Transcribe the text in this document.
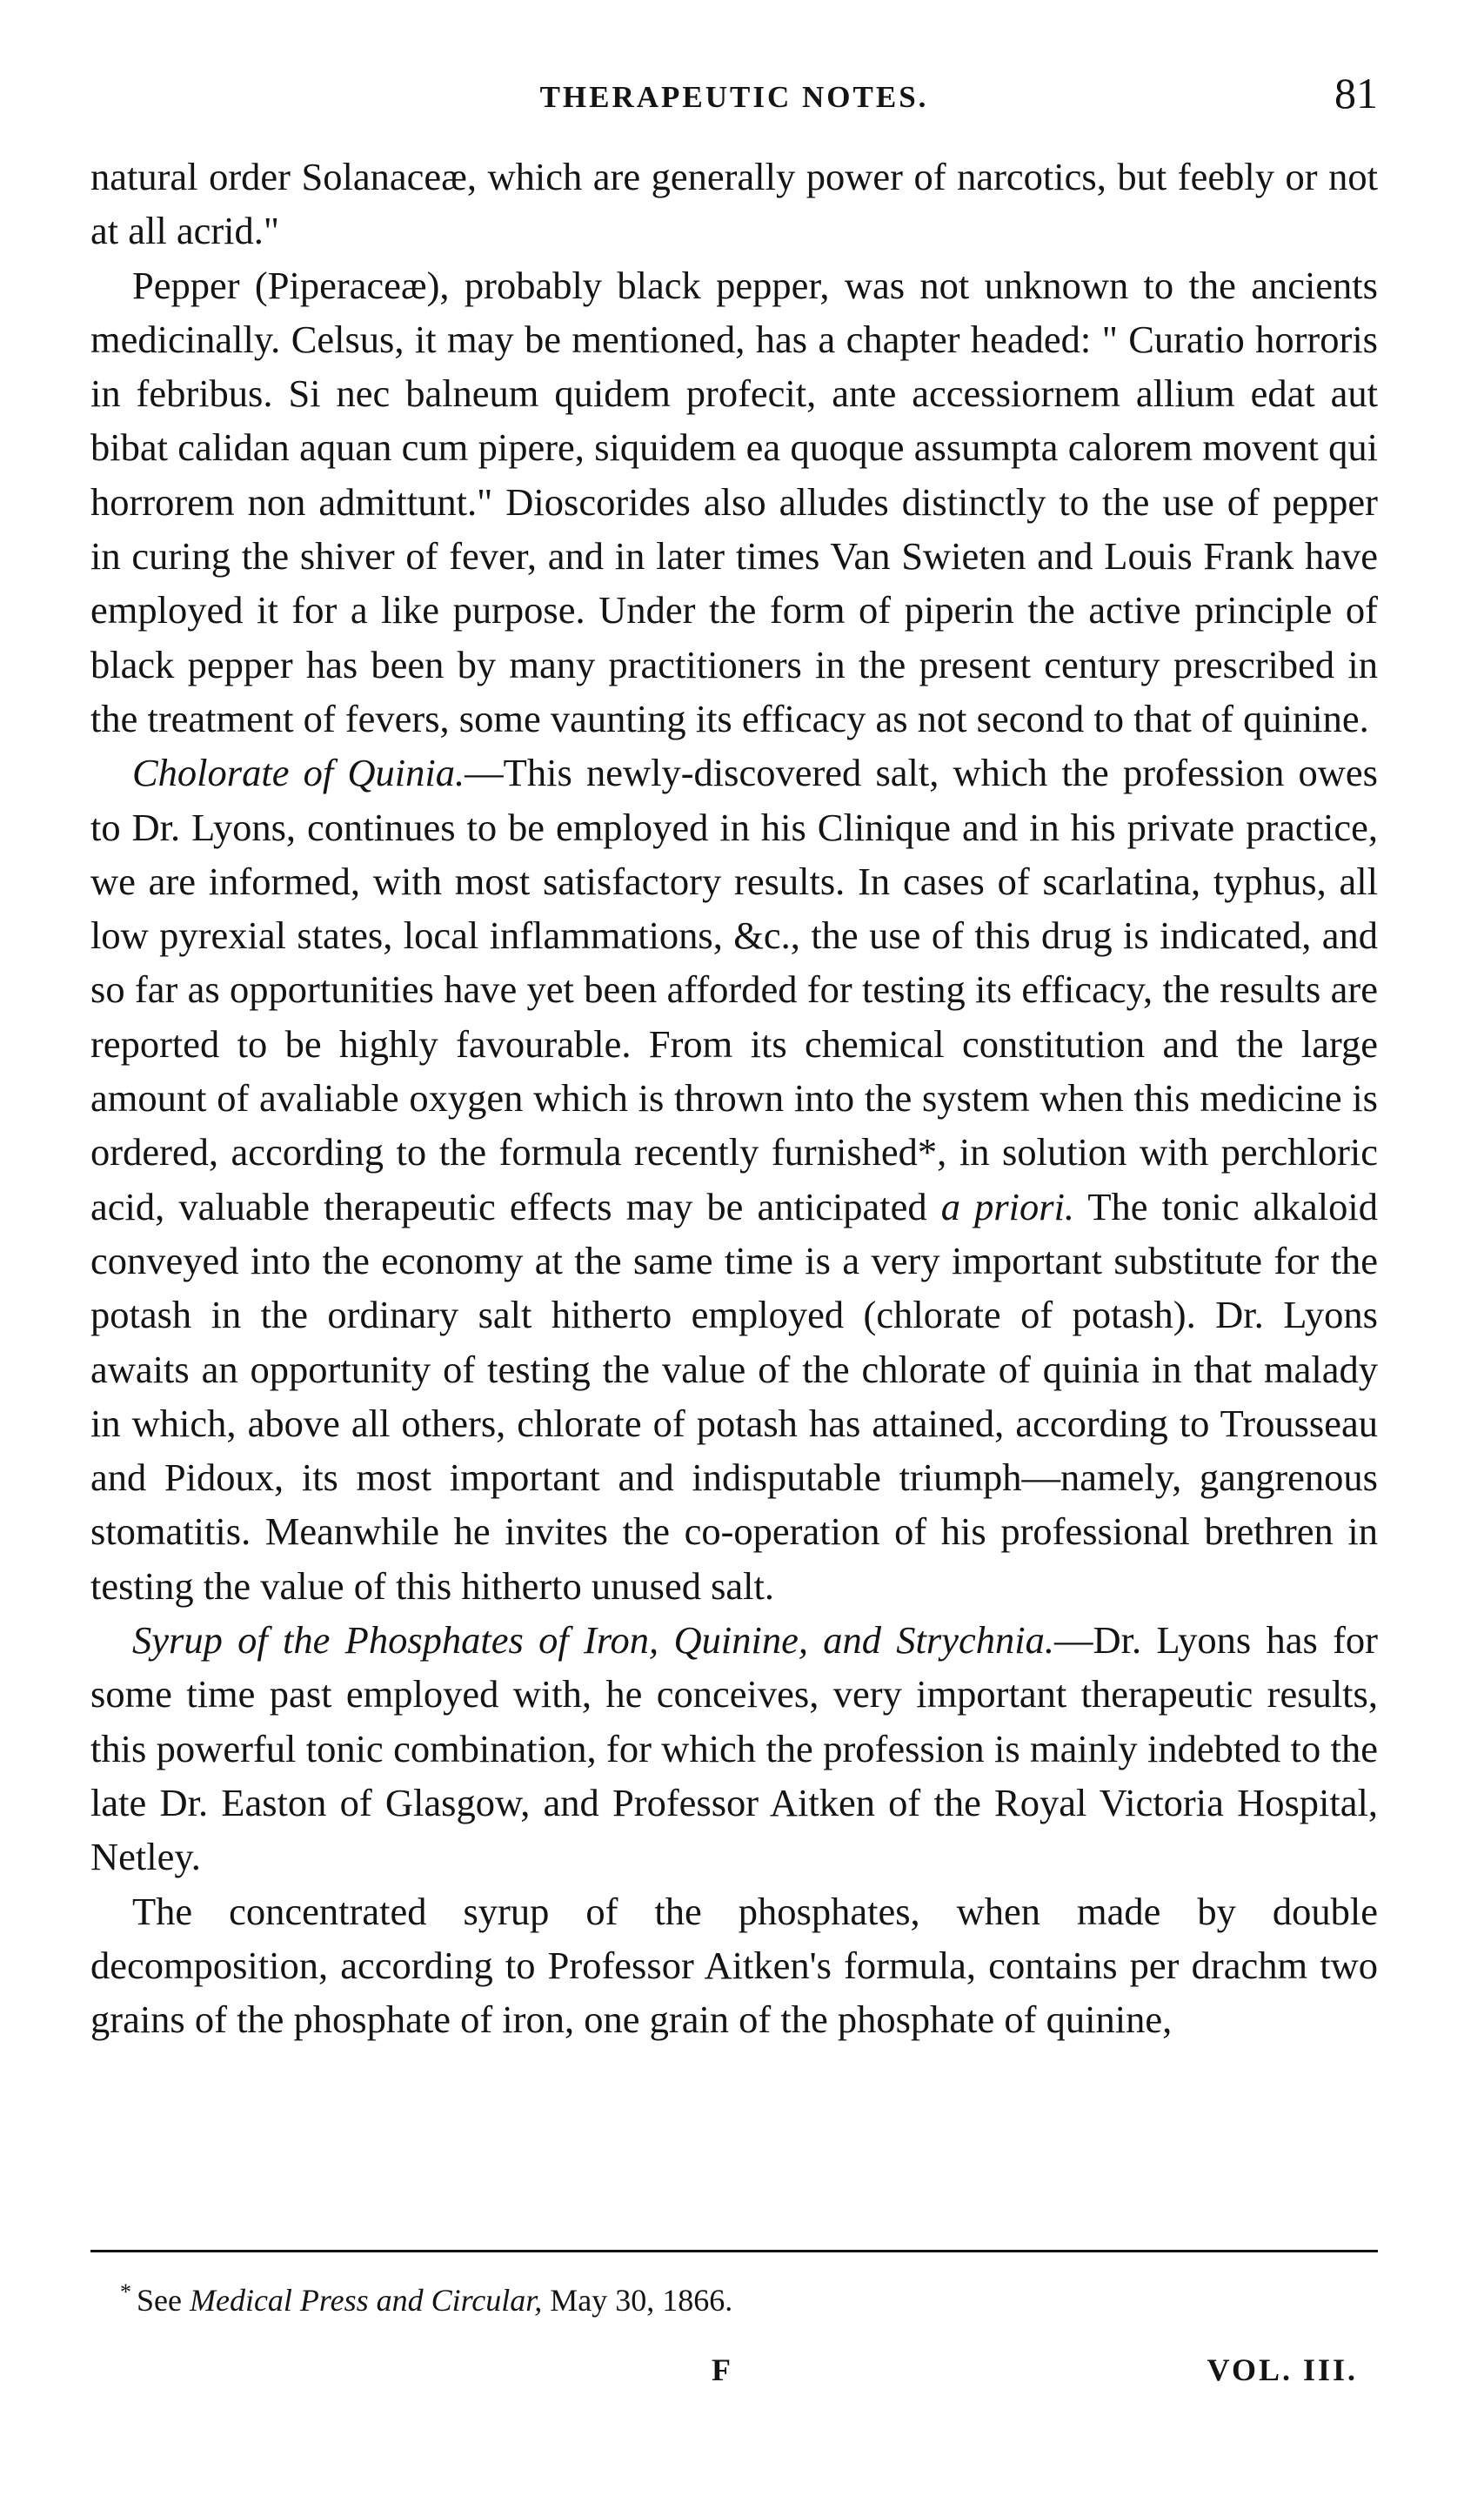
THERAPEUTIC NOTES.	81

natural order Solanaceæ, which are generally power of narcotics, but feebly or not at all acrid."

Pepper (Piperaceæ), probably black pepper, was not unknown to the ancients medicinally. Celsus, it may be mentioned, has a chapter headed: " Curatio horroris in febribus. Si nec balneum quidem profecit, ante accessiornem allium edat aut bibat calidan aquan cum pipere, siquidem ea quoque assumpta calorem movent qui horrorem non admittunt." Dioscorides also alludes distinctly to the use of pepper in curing the shiver of fever, and in later times Van Swieten and Louis Frank have employed it for a like purpose. Under the form of piperin the active principle of black pepper has been by many practitioners in the present century prescribed in the treatment of fevers, some vaunting its efficacy as not second to that of quinine.

Cholorate of Quinia.—This newly-discovered salt, which the profession owes to Dr. Lyons, continues to be employed in his Clinique and in his private practice, we are informed, with most satisfactory results. In cases of scarlatina, typhus, all low pyrexial states, local inflammations, &c., the use of this drug is indicated, and so far as opportunities have yet been afforded for testing its efficacy, the results are reported to be highly favourable. From its chemical constitution and the large amount of avaliable oxygen which is thrown into the system when this medicine is ordered, according to the formula recently furnished*, in solution with perchloric acid, valuable therapeutic effects may be anticipated a priori. The tonic alkaloid conveyed into the economy at the same time is a very important substitute for the potash in the ordinary salt hitherto employed (chlorate of potash). Dr. Lyons awaits an opportunity of testing the value of the chlorate of quinia in that malady in which, above all others, chlorate of potash has attained, according to Trousseau and Pidoux, its most important and indisputable triumph—namely, gangrenous stomatitis. Meanwhile he invites the co-operation of his professional brethren in testing the value of this hitherto unused salt.

Syrup of the Phosphates of Iron, Quinine, and Strychnia.—Dr. Lyons has for some time past employed with, he conceives, very important therapeutic results, this powerful tonic combination, for which the profession is mainly indebted to the late Dr. Easton of Glasgow, and Professor Aitken of the Royal Victoria Hospital, Netley.

The concentrated syrup of the phosphates, when made by double decomposition, according to Professor Aitken's formula, contains per drachm two grains of the phosphate of iron, one grain of the phosphate of quinine,

* See Medical Press and Circular, May 30, 1866.
F	VOL. III.
